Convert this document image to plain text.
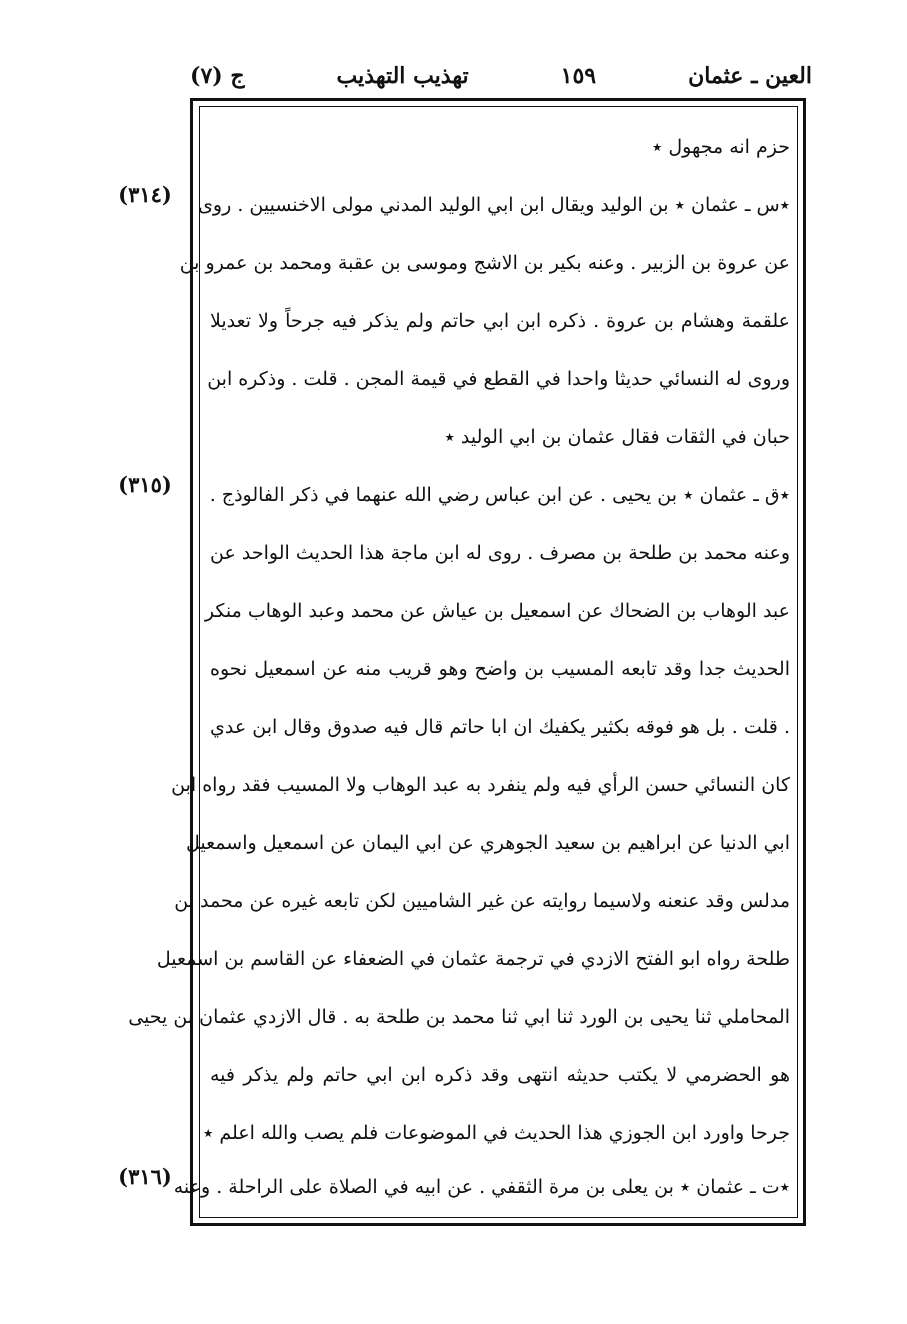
ج (٧)	تهذيب التهذيب	١٥٩	العين ـ عثمان
(٣١٤)
(٣١٥)
(٣١٦)
حزم انه مجهول ٭
٭س ـ عثمان ٭ بن الوليد ويقال ابن ابي الوليد المدني مولى الاخنسيين . روى
عن عروة بن الزبير . وعنه بكير بن الاشج وموسى بن عقبة ومحمد بن عمرو بن
علقمة وهشام بن عروة . ذكره ابن ابي حاتم ولم يذكر فيه جرحاً ولا تعديلا
وروى له النسائي حديثا واحدا في القطع في قيمة المجن . قلت . وذكره ابن
حبان في الثقات فقال عثمان بن ابي الوليد ٭
٭ق ـ عثمان ٭ بن يحيى . عن ابن عباس رضي الله عنهما في ذكر الفالوذج .
وعنه محمد بن طلحة بن مصرف . روى له ابن ماجة هذا الحديث الواحد عن
عبد الوهاب بن الضحاك عن اسمعيل بن عياش عن محمد وعبد الوهاب منكر
الحديث جدا وقد تابعه المسيب بن واضح وهو قريب منه عن اسمعيل نحوه
. قلت . بل هو فوقه بكثير يكفيك ان ابا حاتم قال فيه صدوق وقال ابن عدي
كان النسائي حسن الرأي فيه ولم ينفرد به عبد الوهاب ولا المسيب فقد رواه ابن
ابي الدنيا عن ابراهيم بن سعيد الجوهري عن ابي اليمان عن اسمعيل واسمعيل
مدلس وقد عنعنه ولاسيما روايته عن غير الشاميين لكن تابعه غيره عن محمد بن
طلحة رواه ابو الفتح الازدي في ترجمة عثمان في الضعفاء عن القاسم بن اسمعيل
المحاملي ثنا يحيى بن الورد ثنا ابي ثنا محمد بن طلحة به . قال الازدي عثمان بن يحيى
هو الحضرمي لا يكتب حديثه انتهى وقد ذكره ابن ابي حاتم ولم يذكر فيه
جرحا واورد ابن الجوزي هذا الحديث في الموضوعات فلم يصب والله اعلم ٭
٭ت ـ عثمان ٭ بن يعلى بن مرة الثقفي . عن ابيه في الصلاة على الراحلة . وعنه
